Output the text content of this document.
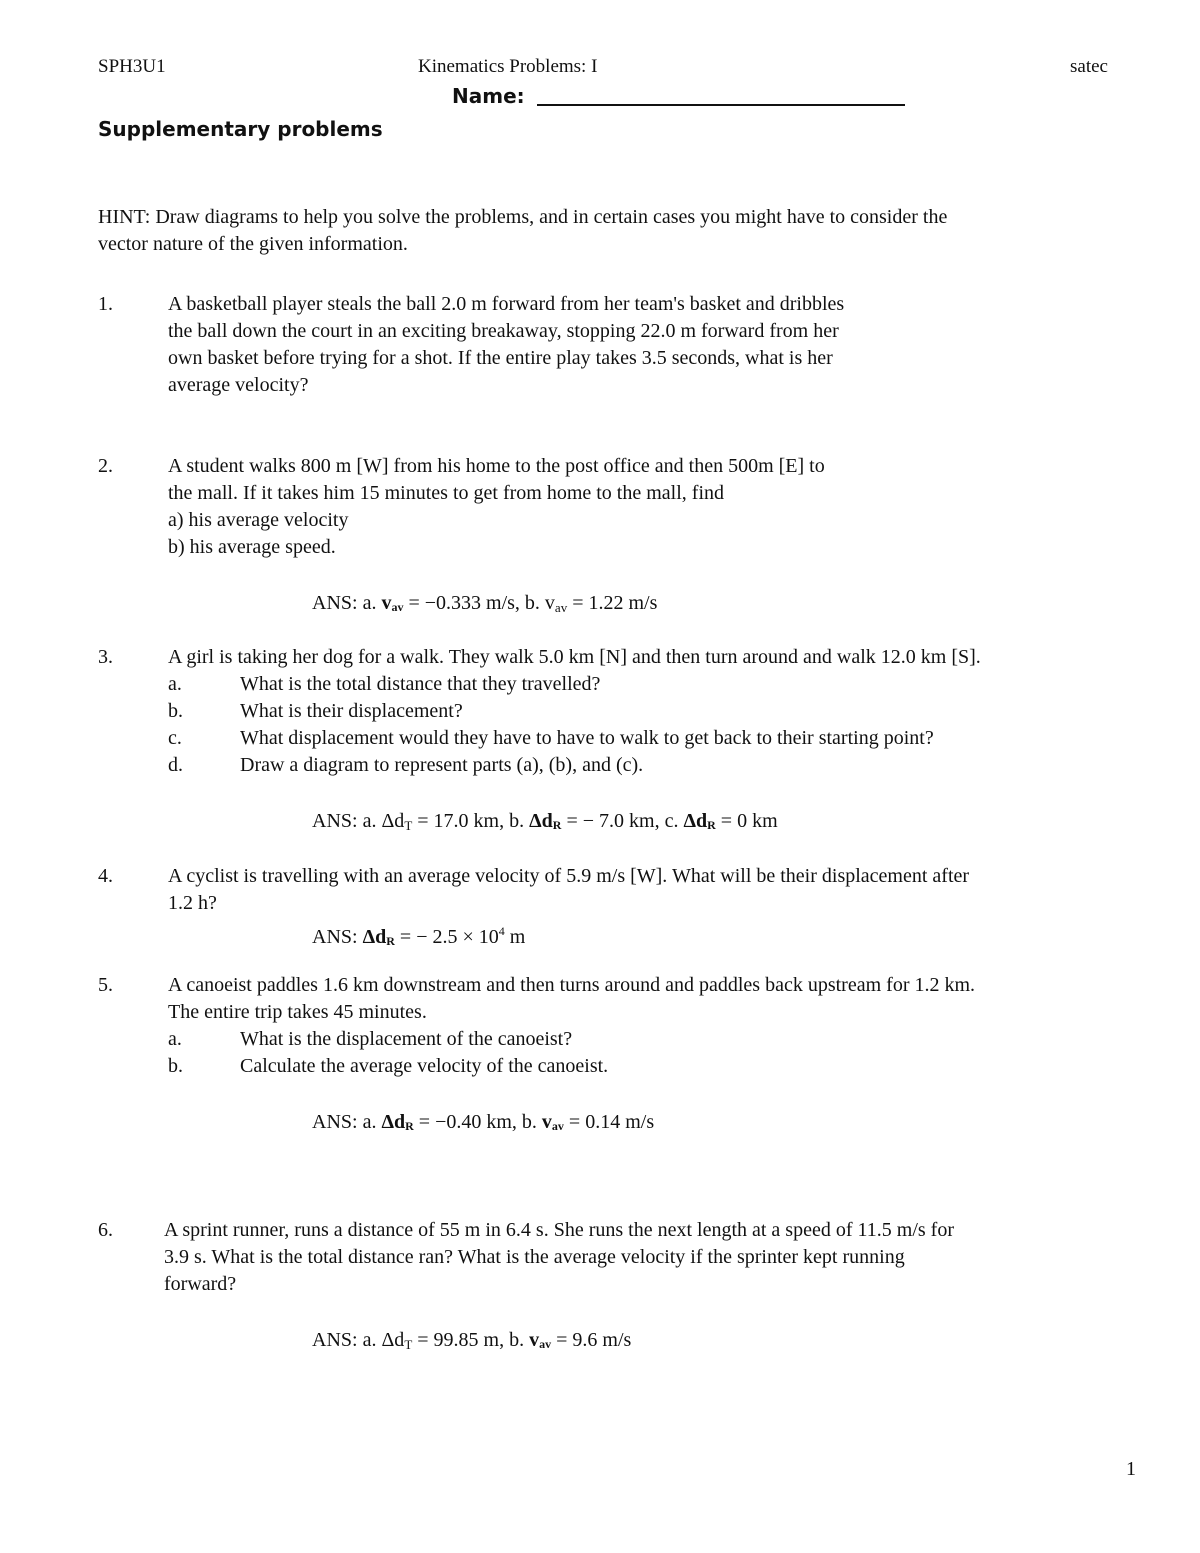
SPH3U1	Kinematics Problems: I	satec
Name:
Supplementary problems
HINT: Draw diagrams to help you solve the problems, and in certain cases you might have to consider the
vector nature of the given information.
1.	A basketball player steals the ball 2.0 m forward from her team's basket and dribbles
the ball down the court in an exciting breakaway, stopping 22.0 m forward from her
own basket before trying for a shot. If the entire play takes 3.5 seconds, what is her
average velocity?
2.	A student walks 800 m [W] from his home to the post office and then 500m [E] to
the mall. If it takes him 15 minutes to get from home to the mall, find
a) his average velocity
b) his average speed.
ANS: a. $v_{av} = -0.333$ m/s, b. $v_{av} = 1.22$ m/s
3.	A girl is taking her dog for a walk. They walk 5.0 km [N] and then turn around and walk 12.0 km [S].
a.	What is the total distance that they travelled?
b.	What is their displacement?
c.	What displacement would they have to have to walk to get back to their starting point?
d.	Draw a diagram to represent parts (a), (b), and (c).
ANS: a. $\Delta d_T = 17.0$ km, b. $\Delta d_R$ = − 7.0 km, c. $\Delta d_R = 0$ km
4.	A cyclist is travelling with an average velocity of 5.9 m/s [W]. What will be their displacement after
1.2 h?
ANS: $\Delta d_R$ = − $2.5 \times 10^4$ m
5.	A canoeist paddles 1.6 km downstream and then turns around and paddles back upstream for 1.2 km.
The entire trip takes 45 minutes.
a.	What is the displacement of the canoeist?
b.	Calculate the average velocity of the canoeist.
ANS: a. $\Delta d_R = -0.40$ km, b. $v_{av} = 0.14$ m/s
6.	A sprint runner, runs a distance of 55 m in 6.4 s. She runs the next length at a speed of 11.5 m/s for
3.9 s. What is the total distance ran? What is the average velocity if the sprinter kept running
forward?
ANS: a. $\Delta d_T = 99.85$ m, b. $v_{av} = 9.6$ m/s
1
